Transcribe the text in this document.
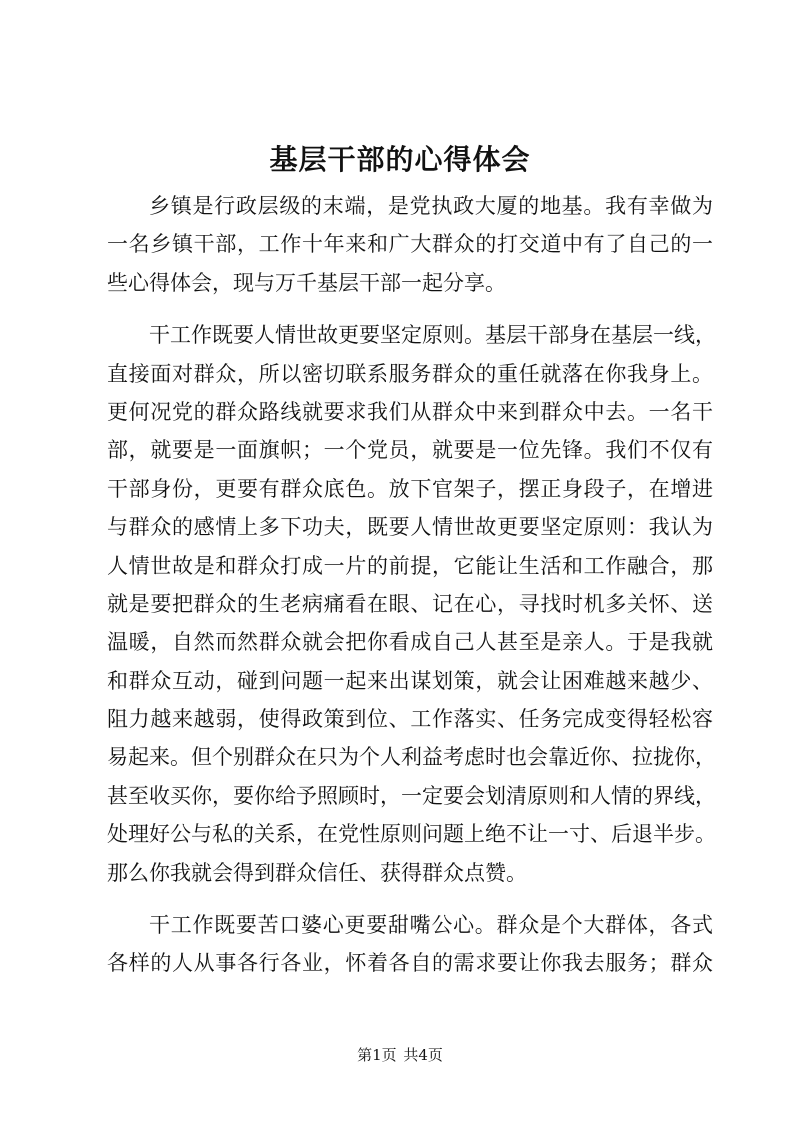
基层干部的心得体会
乡镇是行政层级的末端，是党执政大厦的地基。我有幸做为
一名乡镇干部，工作十年来和广大群众的打交道中有了自己的一
些心得体会，现与万千基层干部一起分享。
干工作既要人情世故更要坚定原则。基层干部身在基层一线，
直接面对群众，所以密切联系服务群众的重任就落在你我身上。
更何况党的群众路线就要求我们从群众中来到群众中去。一名干
部，就要是一面旗帜；一个党员，就要是一位先锋。我们不仅有
干部身份，更要有群众底色。放下官架子，摆正身段子，在增进
与群众的感情上多下功夫，既要人情世故更要坚定原则：我认为
人情世故是和群众打成一片的前提，它能让生活和工作融合，那
就是要把群众的生老病痛看在眼、记在心，寻找时机多关怀、送
温暖，自然而然群众就会把你看成自己人甚至是亲人。于是我就
和群众互动，碰到问题一起来出谋划策，就会让困难越来越少、
阻力越来越弱，使得政策到位、工作落实、任务完成变得轻松容
易起来。但个别群众在只为个人利益考虑时也会靠近你、拉拢你，
甚至收买你，要你给予照顾时，一定要会划清原则和人情的界线，
处理好公与私的关系，在党性原则问题上绝不让一寸、后退半步。
那么你我就会得到群众信任、获得群众点赞。
干工作既要苦口婆心更要甜嘴公心。群众是个大群体，各式
各样的人从事各行各业，怀着各自的需求要让你我去服务；群众
第1页 共4页
